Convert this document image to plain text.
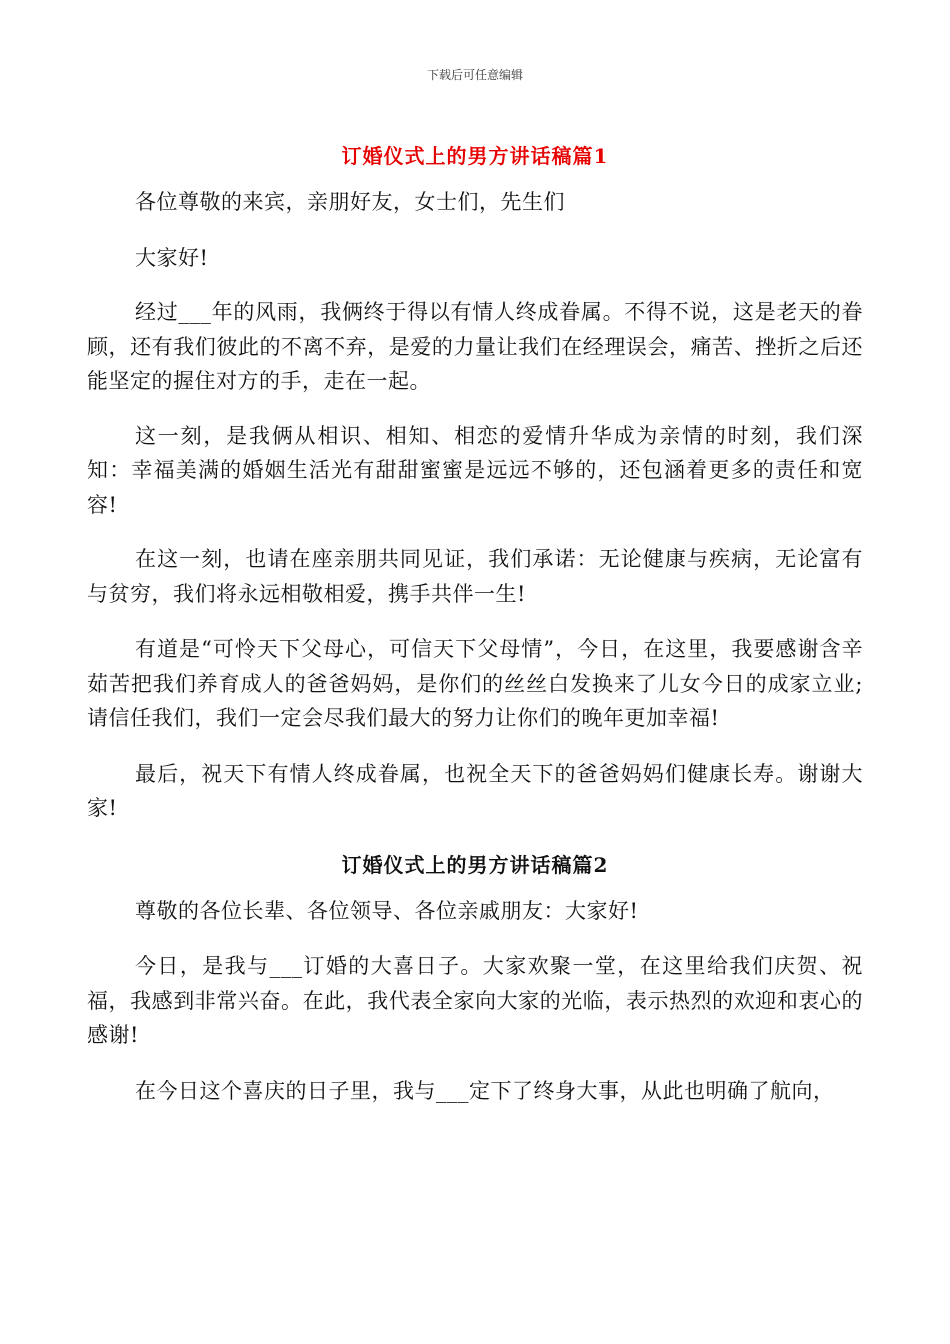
下载后可任意编辑
订婚仪式上的男方讲话稿篇1

各位尊敬的来宾，亲朋好友，女士们，先生们

大家好!

经过___年的风雨，我俩终于得以有情人终成眷属。不得不说，这是老天的眷顾，还有我们彼此的不离不弃，是爱的力量让我们在经理误会，痛苦、挫折之后还能坚定的握住对方的手，走在一起。

这一刻，是我俩从相识、相知、相恋的爱情升华成为亲情的时刻，我们深知：幸福美满的婚姻生活光有甜甜蜜蜜是远远不够的，还包涵着更多的责任和宽容!

在这一刻，也请在座亲朋共同见证，我们承诺：无论健康与疾病，无论富有与贫穷，我们将永远相敬相爱，携手共伴一生!

有道是“可怜天下父母心，可信天下父母情”，今日，在这里，我要感谢含辛茹苦把我们养育成人的爸爸妈妈，是你们的丝丝白发换来了儿女今日的成家立业;请信任我们，我们一定会尽我们最大的努力让你们的晚年更加幸福!

最后，祝天下有情人终成眷属，也祝全天下的爸爸妈妈们健康长寿。谢谢大家!

订婚仪式上的男方讲话稿篇2

尊敬的各位长辈、各位领导、各位亲戚朋友：大家好!

今日，是我与___订婚的大喜日子。大家欢聚一堂，在这里给我们庆贺、祝福，我感到非常兴奋。在此，我代表全家向大家的光临，表示热烈的欢迎和衷心的感谢!

在今日这个喜庆的日子里，我与___定下了终身大事，从此也明确了航向，
